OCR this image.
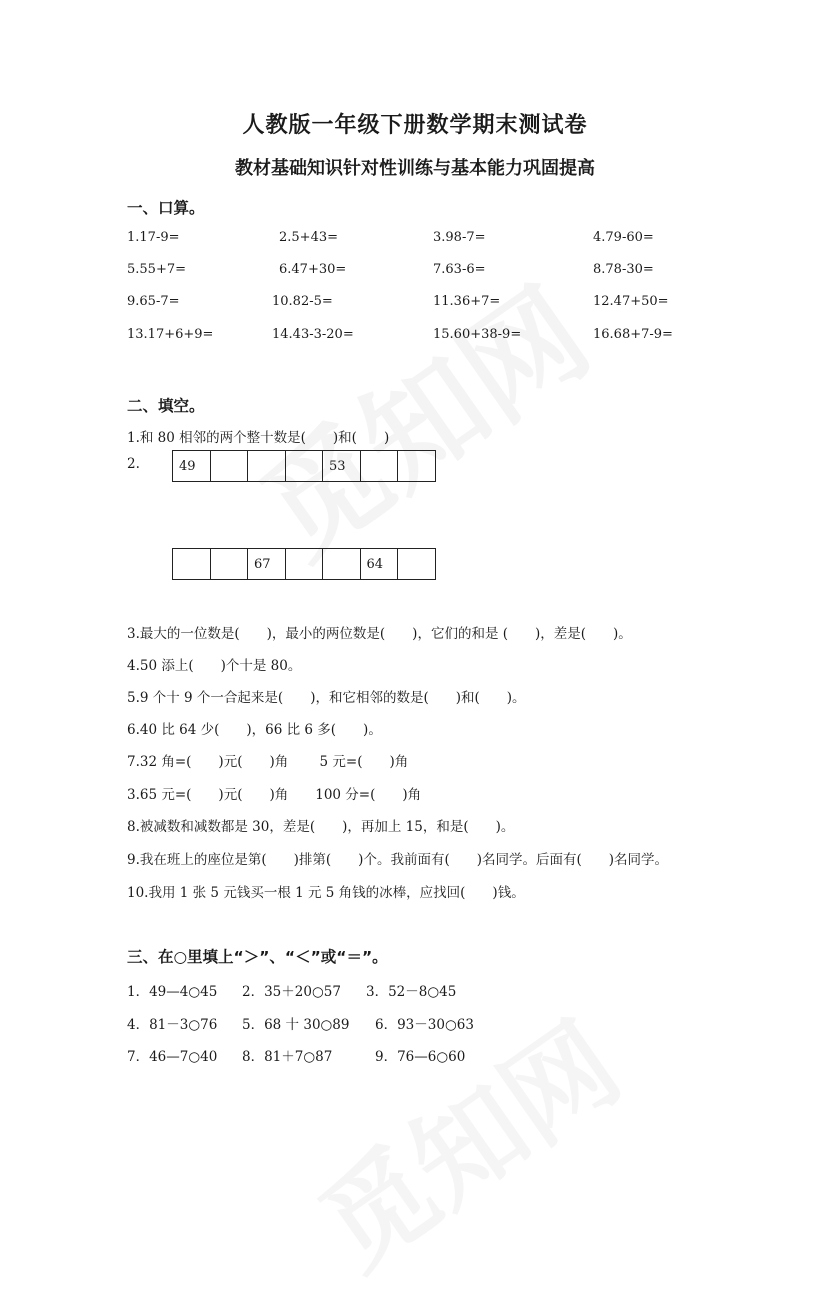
人教版一年级下册数学期末测试卷
教材基础知识针对性训练与基本能力巩固提高
一、口算。
1.17-9=	2.5+43=	3.98-7=	4.79-60=
5.55+7=	6.47+30=	7.63-6=	8.78-30=
9.65-7=	10.82-5=	11.36+7=	12.47+50=
13.17+6+9=	14.43-3-20=	15.60+38-9=	16.68+7-9=
二、填空。
1.和 80 相邻的两个整十数是(　　)和(　　)
2.	49				53		
		67			64	
3.最大的一位数是(　　)，最小的两位数是(　　)，它们的和是 (　　)，差是(　　)。
4.50 添上(　　)个十是 80。
5.9 个十 9 个一合起来是(　　)，和它相邻的数是(　　)和(　　)。
6.40 比 64 少(　　)，66 比 6 多(　　)。
7.32 角=(　　)元(　　)角　　 5 元=(　　)角
3.65 元=(　　)元(　　)角　　100 分=(　　)角
8.被减数和减数都是 30，差是(　　)，再加上 15，和是(　　)。
9.我在班上的座位是第(　　)排第(　　)个。我前面有(　　)名同学。后面有(　　)名同学。
10.我用 1 张 5 元钱买一根 1 元 5 角钱的冰棒，应找回(　　)钱。
三、在○里填上“＞”、“＜”或“＝”。
1．49—4○45 2．35＋20○57 3．52－8○45
4．81－3○76 5．68 十 30○89 6．93－30○63
7．46—7○40 8．81＋7○87	9．76—6○60
